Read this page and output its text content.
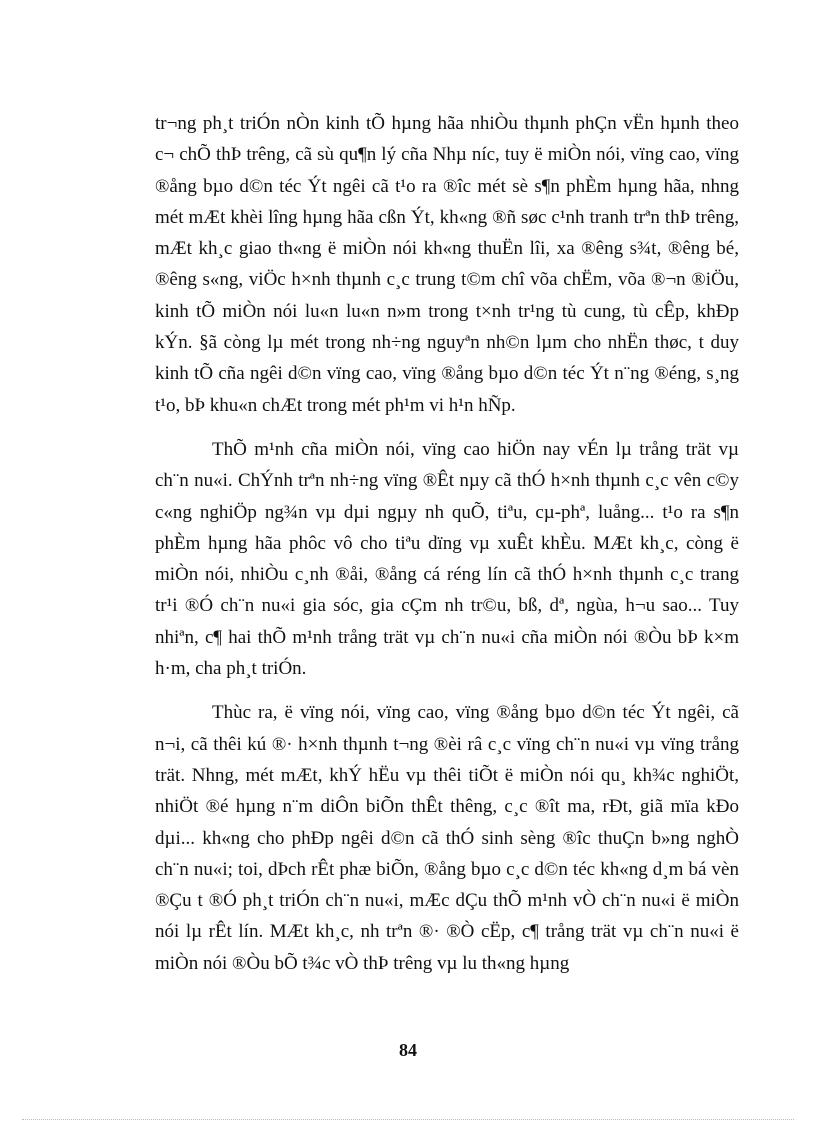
tr¬ng ph¸t triÓn nÒn kinh tÕ hµng hãa nhiÒu thµnh phÇn vËn hµnh theo c¬ chÕ thÞ trêng, cã sù qu¶n lý cña Nhµ níc, tuy ë miÒn nói, vïng cao, vïng ®ång bµo d©n téc Ýt ngêi cã t¹o ra ®îc mét sè s¶n phÈm hµng hãa, nhng mét mÆt khèi lîng hµng hãa cßn Ýt, kh«ng ®ñ søc c¹nh tranh trªn thÞ trêng, mÆt kh¸c giao th«ng ë miÒn nói kh«ng thuËn lîi, xa ®êng s¾t, ®êng bé, ®êng s«ng, viÖc h×nh thµnh c¸c trung t©m chî võa chËm, võa ®¬n ®iÖu, kinh tÕ miÒn nói lu«n lu«n n»m trong t×nh tr¹ng tù cung, tù cÊp, khÐp kÝn. §ã còng lµ mét trong nh÷ng nguyªn nh©n lµm cho nhËn thøc, t duy kinh tÕ cña ngêi d©n vïng cao, vïng ®ång bµo d©n téc Ýt n¨ng ®éng, s¸ng t¹o, bÞ khu«n chÆt trong mét ph¹m vi h¹n hÑp.

ThÕ m¹nh cña miÒn nói, vïng cao hiÖn nay vÉn lµ trång trät vµ ch¨n nu«i. ChÝnh trªn nh÷ng vïng ®Êt nµy cã thÓ h×nh thµnh c¸c vên c©y c«ng nghiÖp ng¾n vµ dµi ngµy nh quÕ, tiªu, cµ-phª, luång... t¹o ra s¶n phÈm hµng hãa phôc vô cho tiªu dïng vµ xuÊt khÈu. MÆt kh¸c, còng ë miÒn nói, nhiÒu c¸nh ®åi, ®ång cá réng lín cã thÓ h×nh thµnh c¸c trang tr¹i ®Ó ch¨n nu«i gia sóc, gia cÇm nh tr©u, bß, dª, ngùa, h¬u sao... Tuy nhiªn, c¶ hai thÕ m¹nh trång trät vµ ch¨n nu«i cña miÒn nói ®Òu bÞ k×m h·m, cha ph¸t triÓn.

Thùc ra, ë vïng nói, vïng cao, vïng ®ång bµo d©n téc Ýt ngêi, cã n¬i, cã thêi kú ®· h×nh thµnh t¬ng ®èi râ c¸c vïng ch¨n nu«i vµ vïng trång trät. Nhng, mét mÆt, khÝ hËu vµ thêi tiÕt ë miÒn nói qu¸ kh¾c nghiÖt, nhiÖt ®é hµng n¨m diÔn biÕn thÊt thêng, c¸c ®ît ma, rÐt, giã mïa kÐo dµi... kh«ng cho phÐp ngêi d©n cã thÓ sinh sèng ®îc thuÇn b»ng nghÒ ch¨n nu«i; toi, dÞch rÊt phæ biÕn, ®ång bµo c¸c d©n téc kh«ng d¸m bá vèn ®Çu t ®Ó ph¸t triÓn ch¨n nu«i, mÆc dÇu thÕ m¹nh vÒ ch¨n nu«i ë miÒn nói lµ rÊt lín. MÆt kh¸c, nh trªn ®· ®Ò cËp, c¶ trång trät vµ ch¨n nu«i ë miÒn nói ®Òu bÕ t¾c vÒ thÞ trêng vµ lu th«ng hµng

84
